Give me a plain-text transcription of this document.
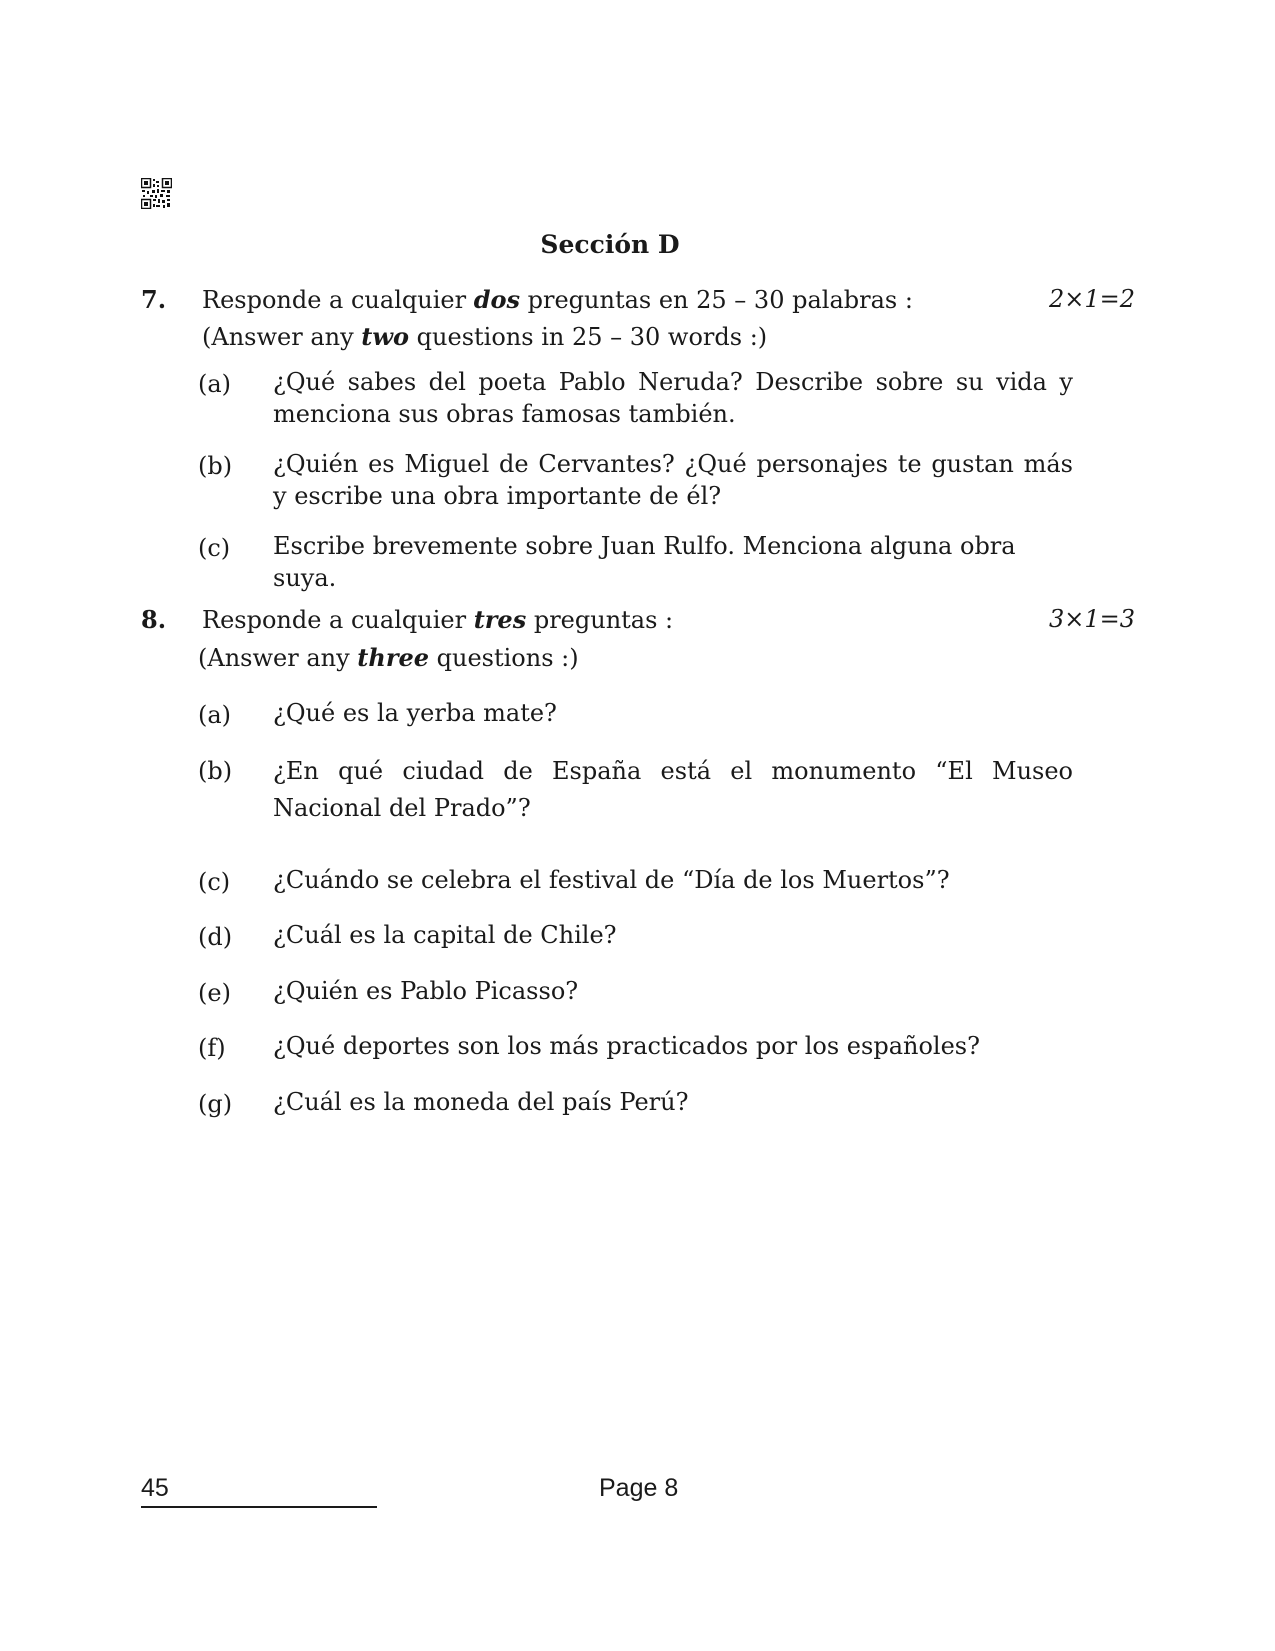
Sección D
7. Responde a cualquier dos preguntas en 25 – 30 palabras :	2×1=2
(Answer any two questions in 25 – 30 words :)
(a) ¿Qué sabes del poeta Pablo Neruda? Describe sobre su vida y menciona sus obras famosas también.
(b) ¿Quién es Miguel de Cervantes? ¿Qué personajes te gustan más y escribe una obra importante de él?
(c) Escribe brevemente sobre Juan Rulfo. Menciona alguna obra suya.
8. Responde a cualquier tres preguntas :	3×1=3
(Answer any three questions :)
(a) ¿Qué es la yerba mate?
(b) ¿En qué ciudad de España está el monumento “El Museo Nacional del Prado”?
(c) ¿Cuándo se celebra el festival de “Día de los Muertos”?
(d) ¿Cuál es la capital de Chile?
(e) ¿Quién es Pablo Picasso?
(f) ¿Qué deportes son los más practicados por los españoles?
(g) ¿Cuál es la moneda del país Perú?
45	Page 8
